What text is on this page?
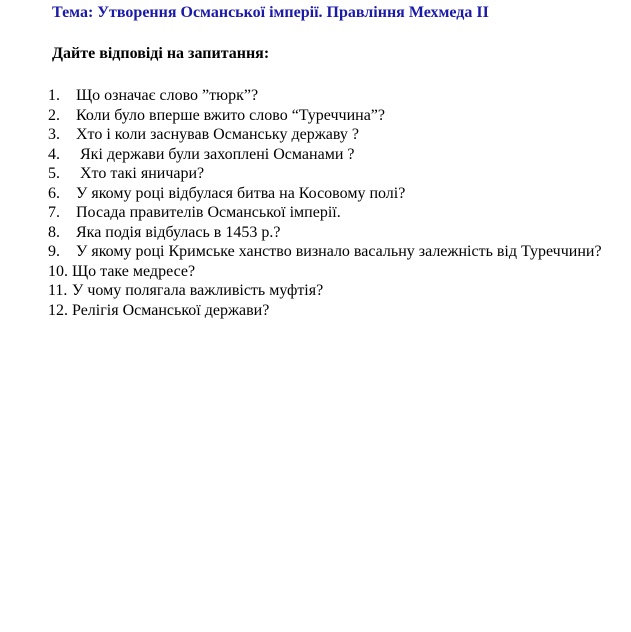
Тема: Утворення Османської імперії. Правління Мехмеда ІІ
Дайте відповіді на запитання:
1.	Що означає слово ”тюрк”?
2.	Коли було вперше вжито слово “Туреччина”?
3.	Хто і коли заснував Османську державу ?
4.	Які держави були захоплені Османами ?
5.	Хто такі яничари?
6.	У якому році відбулася битва на Косовому полі?
7.	Посада правителів Османської імперії.
8.	Яка подія відбулась в 1453 р.?
9.	У якому році Кримське ханство визнало васальну залежність від Туреччини?
10. Що таке медресе?
11. У чому полягала важливість муфтія?
12. Релігія Османської держави?
